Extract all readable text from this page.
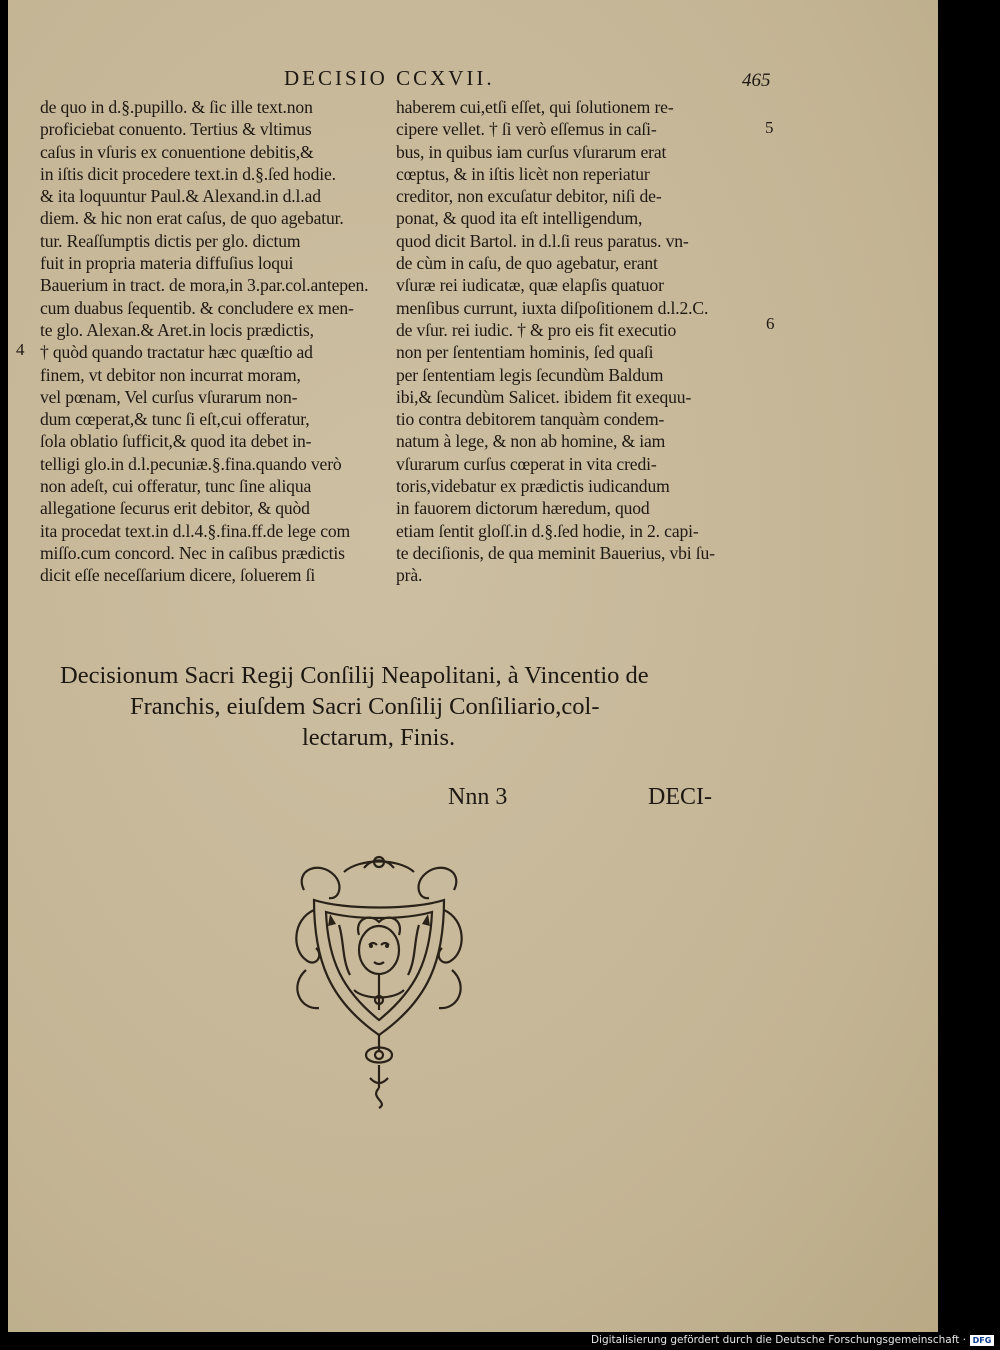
DECISIO CCXVII.	465
de quo in d.§.pupillo. & ſic ille text.non
proficiebat conuento. Tertius & vltimus
caſus in vſuris ex conuentione debitis,&
in iſtis dicit procedere text.in d.§.ſed hodie.
& ita loquuntur Paul.& Alexand.in d.l.ad
diem. & hic non erat caſus, de quo agebatur.
tur. Reaſſumptis dictis per glo. dictum
fuit in propria materia diffuſius loqui
Bauerium in tract. de mora,in 3.par.col.antepen.
cum duabus ſequentib. & concludere ex men-
te glo. Alexan.& Aret.in locis prædictis,
† quòd quando tractatur hæc quæſtio ad
finem, vt debitor non incurrat moram,
vel pœnam, Vel curſus vſurarum non-
dum cœperat,& tunc ſi eſt,cui offeratur,
ſola oblatio ſufficit,& quod ita debet in-
telligi glo.in d.l.pecuniæ.§.fina.quando verò
non adeſt, cui offeratur, tunc ſine aliqua
allegatione ſecurus erit debitor, & quòd
ita procedat text.in d.l.4.§.fina.ff.de lege com
miſſo.cum concord. Nec in caſibus prædictis
dicit eſſe neceſſarium dicere, ſoluerem ſi
haberem cui,etſi eſſet, qui ſolutionem re-
cipere vellet. † ſi verò eſſemus in caſi-
bus, in quibus iam curſus vſurarum erat
cœptus, & in iſtis licèt non reperiatur
creditor, non excuſatur debitor, niſi de-
ponat, & quod ita eſt intelligendum,
quod dicit Bartol. in d.l.ſi reus paratus. vn-
de cùm in caſu, de quo agebatur, erant
vſuræ rei iudicatæ, quæ elapſis quatuor
menſibus currunt, iuxta diſpoſitionem d.l.2.C.
de vſur. rei iudic. † & pro eis fit executio
non per ſententiam hominis, ſed quaſi
per ſententiam legis ſecundùm Baldum
ibi,& ſecundùm Salicet. ibidem fit exequu-
tio contra debitorem tanquàm condem-
natum à lege, & non ab homine, & iam
vſurarum curſus cœperat in vita credi-
toris,videbatur ex prædictis iudicandum
in fauorem dictorum hæredum, quod
etiam ſentit gloſſ.in d.§.ſed hodie, in 2. capi-
te deciſionis, de qua meminit Bauerius, vbi ſu-
prà.
4
5
6
Decisionum Sacri Regij Conſilij Neapolitani, à Vincentio de
Franchis, eiuſdem Sacri Conſilij Conſiliario,col-
lectarum, Finis.
Nnn 3	DECI-
Digitalisierung gefördert durch die Deutsche Forschungsgemeinschaft · DFG
